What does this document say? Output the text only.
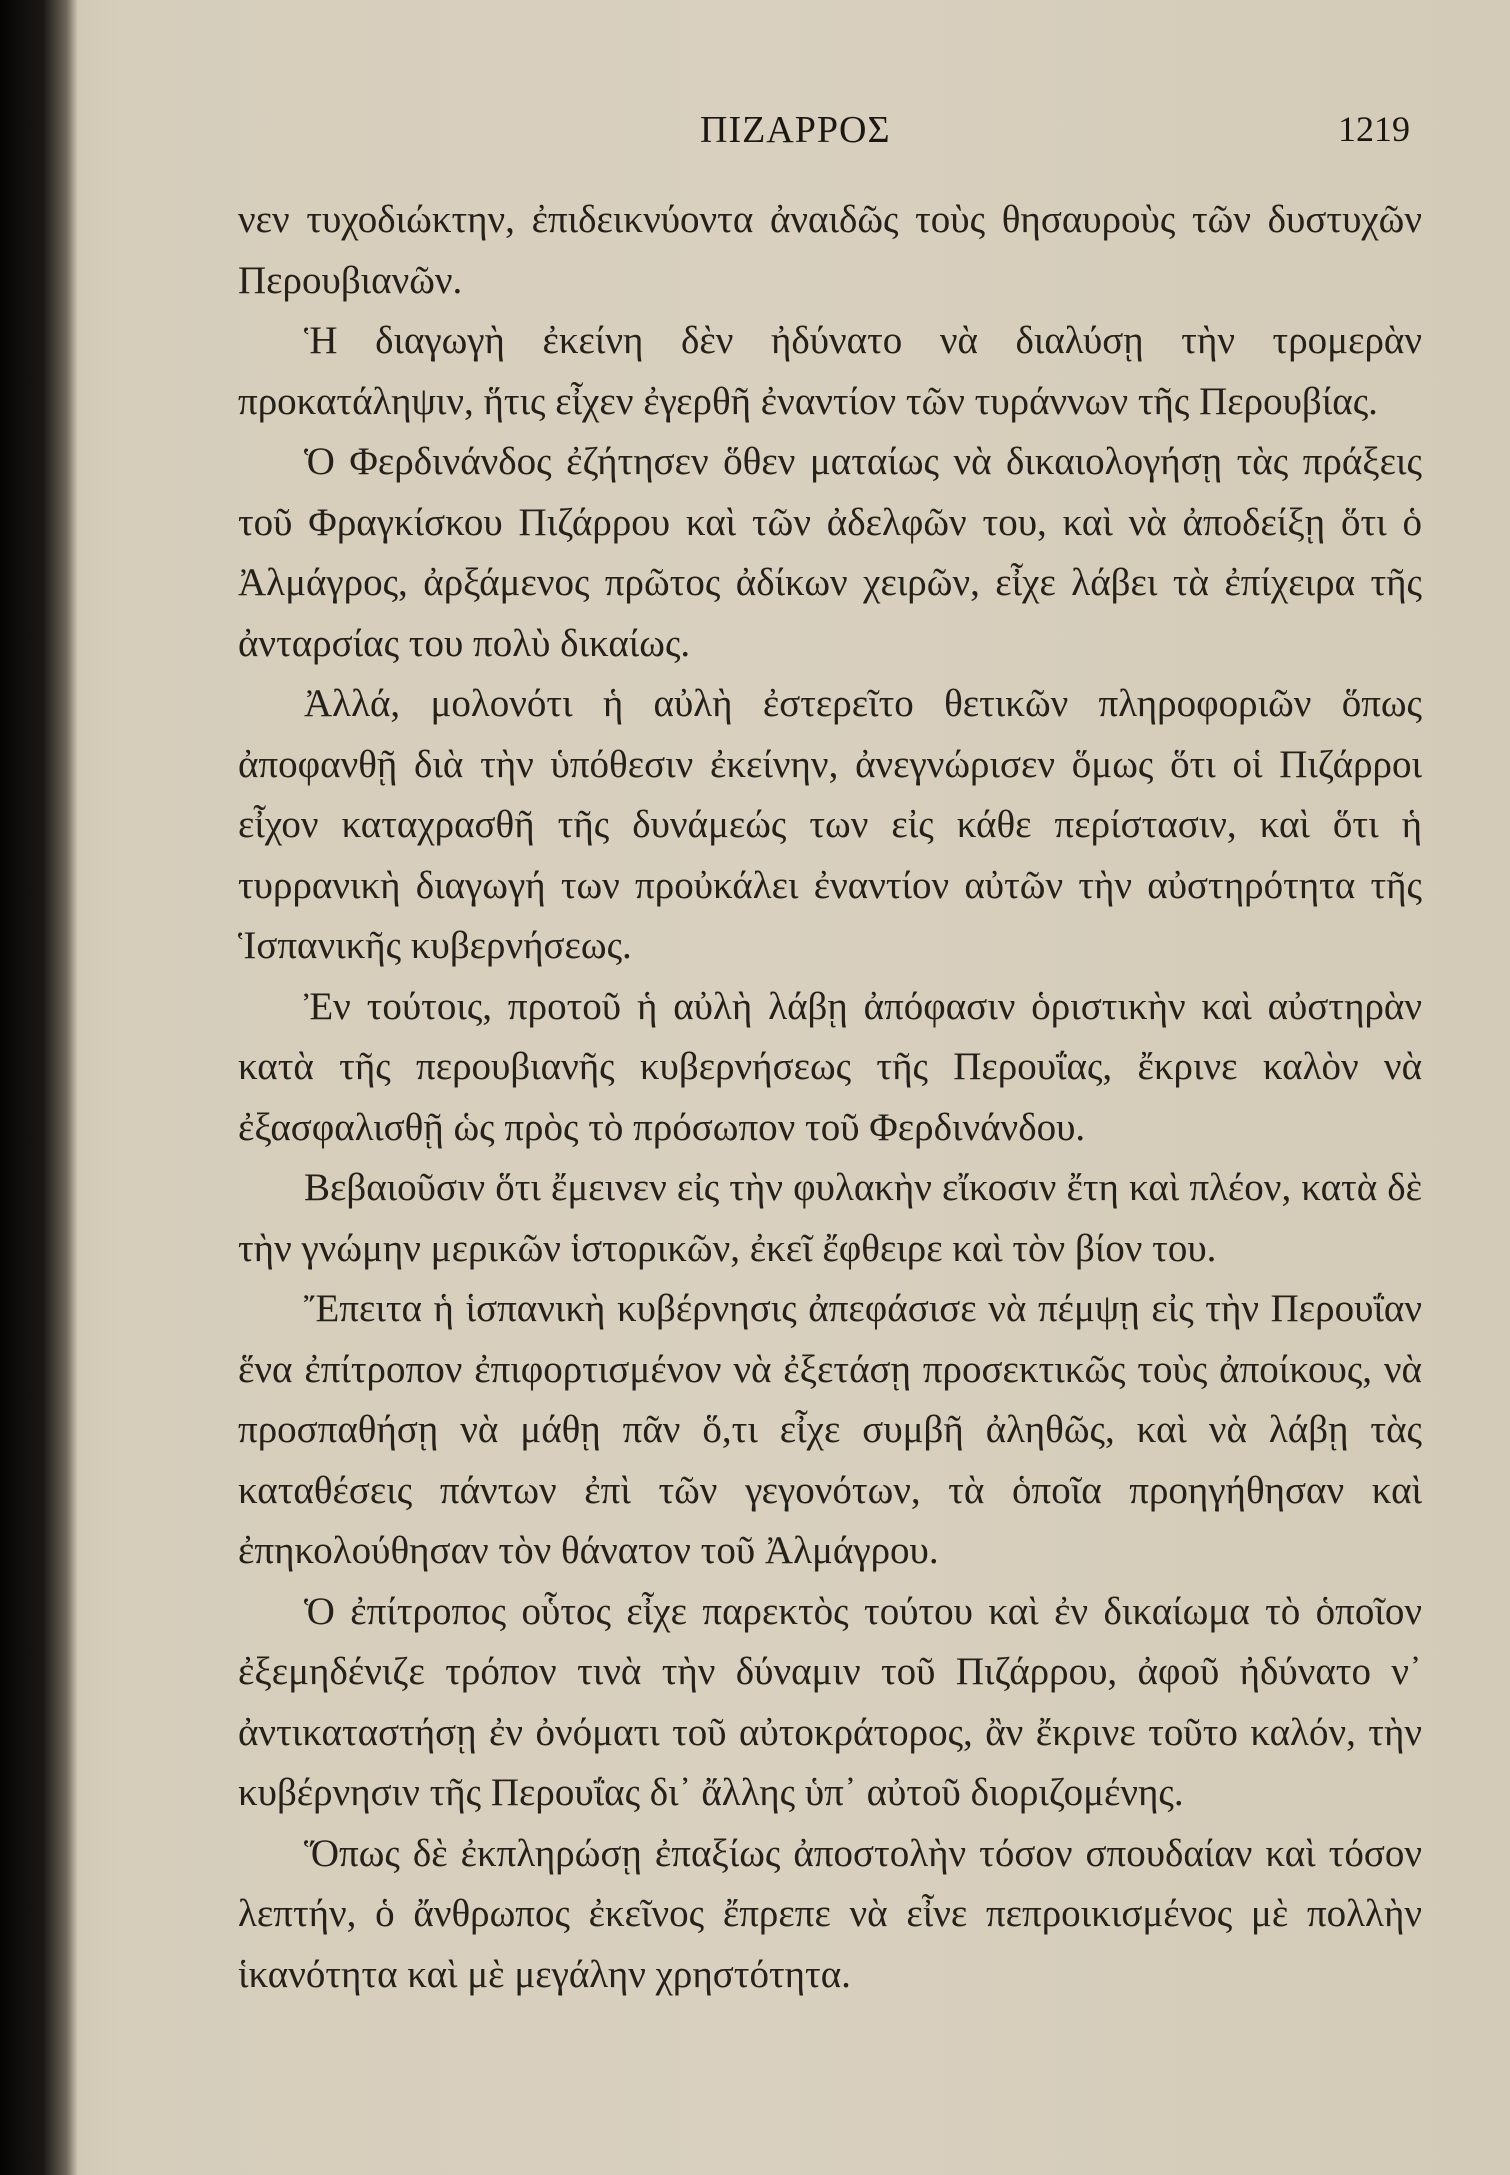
ΠΙΖΑΡΡΟΣ	1219

νεν τυχοδιώκτην, ἐπιδεικνύοντα ἀναιδῶς τοὺς θησαυροὺς τῶν δυστυχῶν Περουβιανῶν.

Ἡ διαγωγὴ ἐκείνη δὲν ἠδύνατο νὰ διαλύσῃ τὴν τρομερὰν προκατάληψιν, ἥτις εἶχεν ἐγερθῆ ἐναντίον τῶν τυράννων τῆς Περουβίας.

Ὁ Φερδινάνδος ἐζήτησεν ὅθεν ματαίως νὰ δικαιολογήσῃ τὰς πράξεις τοῦ Φραγκίσκου Πιζάρρου καὶ τῶν ἀδελφῶν του, καὶ νὰ ἀποδείξῃ ὅτι ὁ Ἀλμάγρος, ἀρξάμενος πρῶτος ἀδίκων χειρῶν, εἶχε λάβει τὰ ἐπίχειρα τῆς ἀνταρσίας του πολὺ δικαίως.

Ἀλλά, μολονότι ἡ αὐλὴ ἐστερεῖτο θετικῶν πληροφοριῶν ὅπως ἀποφανθῇ διὰ τὴν ὑπόθεσιν ἐκείνην, ἀνεγνώρισεν ὅμως ὅτι οἱ Πιζάρροι εἶχον καταχρασθῆ τῆς δυνάμεώς των εἰς κάθε περίστασιν, καὶ ὅτι ἡ τυρρανικὴ διαγωγή των προὐκάλει ἐναντίον αὐτῶν τὴν αὐστηρότητα τῆς Ἱσπανικῆς κυβερνήσεως.

Ἐν τούτοις, προτοῦ ἡ αὐλὴ λάβῃ ἀπόφασιν ὁριστικὴν καὶ αὐστηρὰν κατὰ τῆς περουβιανῆς κυβερνήσεως τῆς Περουΐας, ἔκρινε καλὸν νὰ ἐξασφαλισθῇ ὡς πρὸς τὸ πρόσωπον τοῦ Φερδινάνδου.

Βεβαιοῦσιν ὅτι ἔμεινεν εἰς τὴν φυλακὴν εἴκοσιν ἔτη καὶ πλέον, κατὰ δὲ τὴν γνώμην μερικῶν ἱστορικῶν, ἐκεῖ ἔφθειρε καὶ τὸν βίον του.

Ἔπειτα ἡ ἱσπανικὴ κυβέρνησις ἀπεφάσισε νὰ πέμψῃ εἰς τὴν Περουΐαν ἕνα ἐπίτροπον ἐπιφορτισμένον νὰ ἐξετάσῃ προσεκτικῶς τοὺς ἀποίκους, νὰ προσπαθήσῃ νὰ μάθῃ πᾶν ὅ,τι εἶχε συμβῆ ἀληθῶς, καὶ νὰ λάβῃ τὰς καταθέσεις πάντων ἐπὶ τῶν γεγονότων, τὰ ὁποῖα προηγήθησαν καὶ ἐπηκολούθησαν τὸν θάνατον τοῦ Ἀλμάγρου.

Ὁ ἐπίτροπος οὗτος εἶχε παρεκτὸς τούτου καὶ ἐν δικαίωμα τὸ ὁποῖον ἐξεμηδένιζε τρόπον τινὰ τὴν δύναμιν τοῦ Πιζάρρου, ἀφοῦ ἠδύνατο ν᾽ ἀντικαταστήσῃ ἐν ὀνόματι τοῦ αὐτοκράτορος, ἂν ἔκρινε τοῦτο καλόν, τὴν κυβέρνησιν τῆς Περουΐας δι᾽ ἄλλης ὑπ᾽ αὐτοῦ διοριζομένης.

Ὅπως δὲ ἐκπληρώσῃ ἐπαξίως ἀποστολὴν τόσον σπουδαίαν καὶ τόσον λεπτήν, ὁ ἄνθρωπος ἐκεῖνος ἔπρεπε νὰ εἶνε πεπροικισμένος μὲ πολλὴν ἱκανότητα καὶ μὲ μεγάλην χρηστότητα.
